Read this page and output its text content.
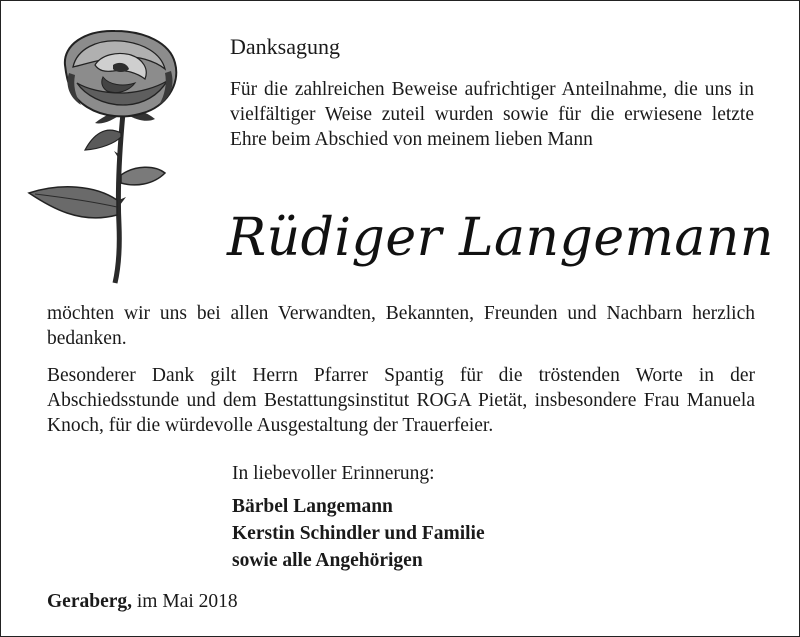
Danksagung

Für die zahlreichen Beweise aufrichtiger Anteilnahme, die uns in vielfältiger Weise zuteil wurden sowie für die erwiesene letzte Ehre beim Abschied von meinem lieben Mann

Rüdiger Langemann

möchten wir uns bei allen Verwandten, Bekannten, Freunden und Nachbarn herzlich bedanken.

Besonderer Dank gilt Herrn Pfarrer Spantig für die tröstenden Worte in der Abschiedsstunde und dem Bestattungsinstitut ROGA Pietät, insbesondere Frau Manuela Knoch, für die würdevolle Ausgestaltung der Trauerfeier.

In liebevoller Erinnerung:
Bärbel Langemann
Kerstin Schindler und Familie
sowie alle Angehörigen
Geraberg, im Mai 2018
